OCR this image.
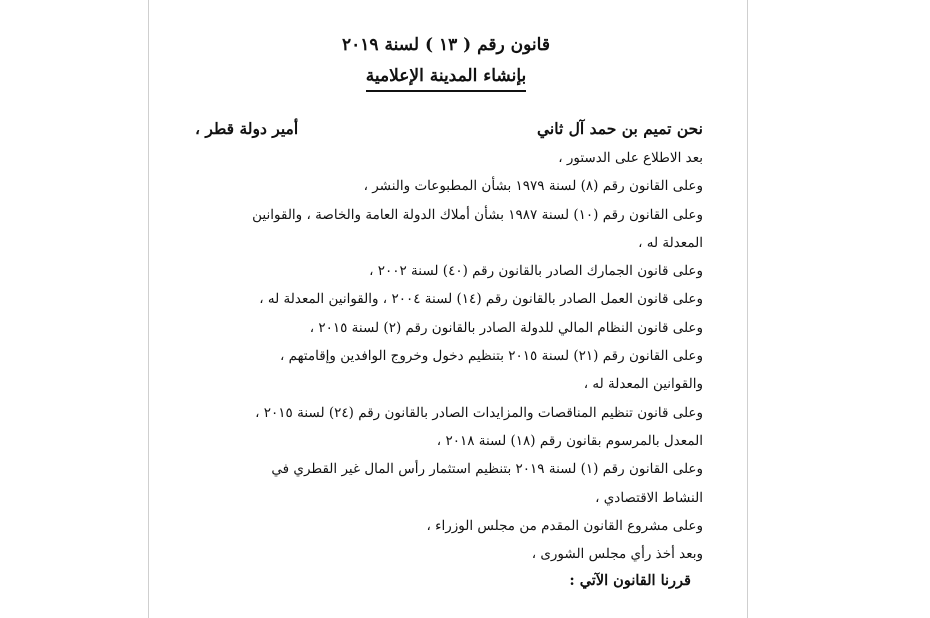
قانون رقم ( ١٣ ) لسنة ٢٠١٩
بإنشاء المدينة الإعلامية
نحن تميم بن حمد آل ثاني
أمير دولة قطر ،
بعد الاطلاع على الدستور ،
وعلى القانون رقم (٨) لسنة ١٩٧٩ بشأن المطبوعات والنشر ،
وعلى القانون رقم (١٠) لسنة ١٩٨٧ بشأن أملاك الدولة العامة والخاصة ، والقوانين
المعدلة له ،
وعلى قانون الجمارك الصادر بالقانون رقم (٤٠) لسنة ٢٠٠٢ ،
وعلى قانون العمل الصادر بالقانون رقم (١٤) لسنة ٢٠٠٤ ، والقوانين المعدلة له ،
وعلى قانون النظام المالي للدولة الصادر بالقانون رقم (٢) لسنة ٢٠١٥ ،
وعلى القانون رقم (٢١) لسنة ٢٠١٥ بتنظيم دخول وخروج الوافدين وإقامتهم ،
والقوانين المعدلة له ،
وعلى قانون تنظيم المناقصات والمزايدات الصادر بالقانون رقم (٢٤) لسنة ٢٠١٥ ،
المعدل بالمرسوم بقانون رقم (١٨) لسنة ٢٠١٨ ،
وعلى القانون رقم (١) لسنة ٢٠١٩ بتنظيم استثمار رأس المال غير القطري في
النشاط الاقتصادي ،
وعلى مشروع القانون المقدم من مجلس الوزراء ،
وبعد أخذ رأي مجلس الشورى ،
قررنا القانون الآتي :
